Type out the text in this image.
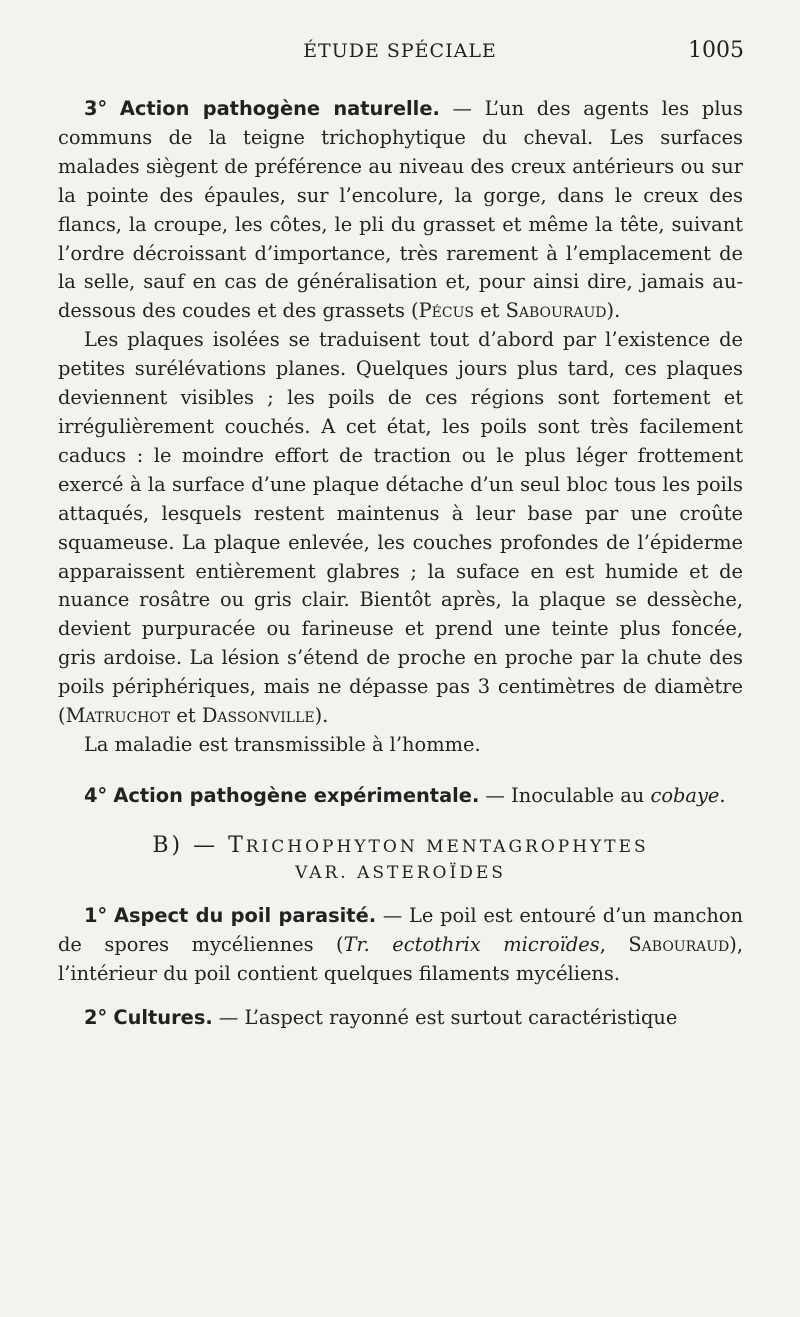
ÉTUDE SPÉCIALE	1005

3° Action pathogène naturelle. — L’un des agents les plus communs de la teigne trichophytique du cheval. Les surfaces malades siègent de préférence au niveau des creux antérieurs ou sur la pointe des épaules, sur l’encolure, la gorge, dans le creux des flancs, la croupe, les côtes, le pli du grasset et même la tête, suivant l’ordre décroissant d’importance, très rarement à l’emplacement de la selle, sauf en cas de généralisation et, pour ainsi dire, jamais au-dessous des coudes et des grassets (Pécus et Sabouraud).

Les plaques isolées se traduisent tout d’abord par l’existence de petites surélévations planes. Quelques jours plus tard, ces plaques deviennent visibles ; les poils de ces régions sont fortement et irrégulièrement couchés. A cet état, les poils sont très facilement caducs : le moindre effort de traction ou le plus léger frottement exercé à la surface d’une plaque détache d’un seul bloc tous les poils attaqués, lesquels restent maintenus à leur base par une croûte squameuse. La plaque enlevée, les couches profondes de l’épiderme apparaissent entièrement glabres ; la suface en est humide et de nuance rosâtre ou gris clair. Bientôt après, la plaque se dessèche, devient purpuracée ou farineuse et prend une teinte plus foncée, gris ardoise. La lésion s’étend de proche en proche par la chute des poils périphériques, mais ne dépasse pas 3 centimètres de diamètre (Matruchot et Dassonville).

La maladie est transmissible à l’homme.

4° Action pathogène expérimentale. — Inoculable au cobaye.

B) — TRICHOPHYTON MENTAGROPHYTES
VAR. ASTEROÏDES

1° Aspect du poil parasité. — Le poil est entouré d’un manchon de spores mycéliennes (Tr. ectothrix microïdes, Sabouraud), l’intérieur du poil contient quelques filaments mycéliens.

2° Cultures. — L’aspect rayonné est surtout caractéristique
